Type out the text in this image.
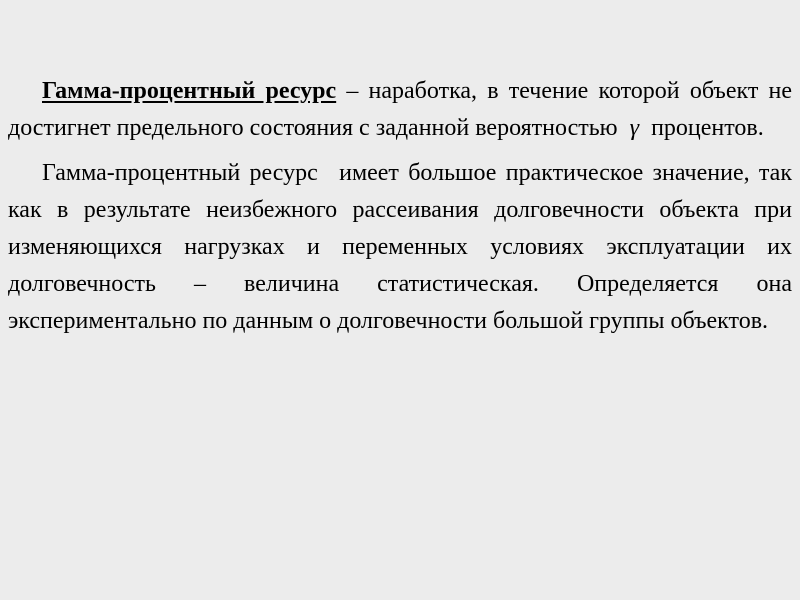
Гамма-процентный ресурс – наработка, в течение которой объект не достигнет предельного состояния с заданной вероятностью γ процентов.

Гамма-процентный ресурс имеет большое практическое значение, так как в результате неизбежного рассеивания долговечности объекта при изменяющихся нагрузках и переменных условиях эксплуатации их долговечность – величина статистическая. Определяется она экспериментально по данным о долговечности большой группы объектов.
